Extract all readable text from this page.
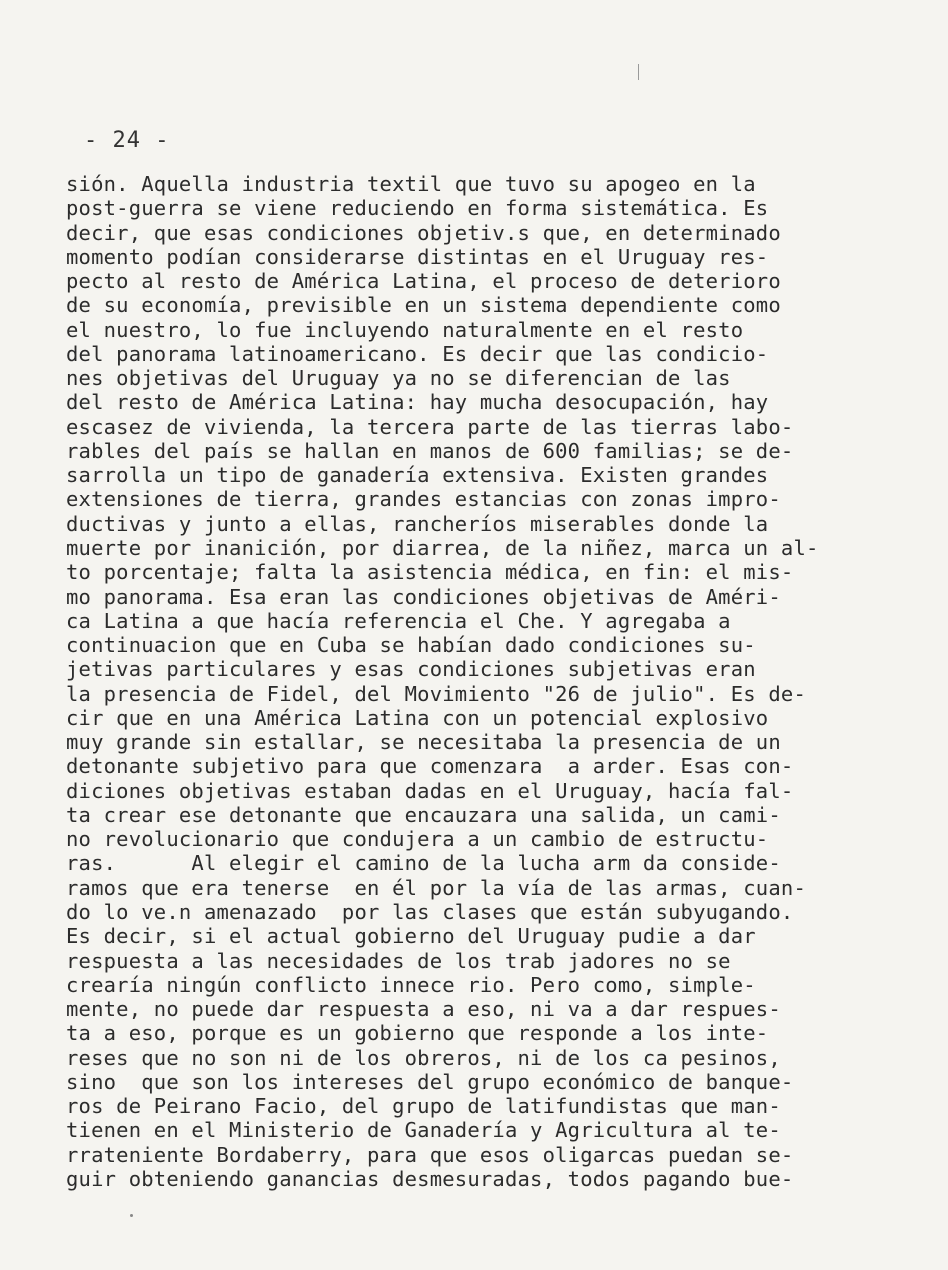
- 24 -
sión. Aquella industria textil que tuvo su apogeo en la
post-guerra se viene reduciendo en forma sistemática. Es
decir, que esas condiciones objetiv.s que, en determinado
momento podían considerarse distintas en el Uruguay res-
pecto al resto de América Latina, el proceso de deterioro
de su economía, previsible en un sistema dependiente como
el nuestro, lo fue incluyendo naturalmente en el resto
del panorama latinoamericano. Es decir que las condicio-
nes objetivas del Uruguay ya no se diferencian de las
del resto de América Latina: hay mucha desocupación, hay
escasez de vivienda, la tercera parte de las tierras labo-
rables del país se hallan en manos de 600 familias; se de-
sarrolla un tipo de ganadería extensiva. Existen grandes
extensiones de tierra, grandes estancias con zonas impro-
ductivas y junto a ellas, rancheríos miserables donde la
muerte por inanición, por diarrea, de la niñez, marca un al-
to porcentaje; falta la asistencia médica, en fin: el mis-
mo panorama. Esa eran las condiciones objetivas de Améri-
ca Latina a que hacía referencia el Che. Y agregaba a
continuacion que en Cuba se habían dado condiciones su-
jetivas particulares y esas condiciones subjetivas eran
la presencia de Fidel, del Movimiento "26 de julio". Es de-
cir que en una América Latina con un potencial explosivo
muy grande sin estallar, se necesitaba la presencia de un
detonante subjetivo para que comenzara  a arder. Esas con-
diciones objetivas estaban dadas en el Uruguay, hacía fal-
ta crear ese detonante que encauzara una salida, un cami-
no revolucionario que condujera a un cambio de estructu-
ras.      Al elegir el camino de la lucha arm da conside-
ramos que era tenerse  en él por la vía de las armas, cuan-
do lo ve.n amenazado  por las clases que están subyugando.
Es decir, si el actual gobierno del Uruguay pudie a dar
respuesta a las necesidades de los trab jadores no se
crearía ningún conflicto innece rio. Pero como, simple-
mente, no puede dar respuesta a eso, ni va a dar respues-
ta a eso, porque es un gobierno que responde a los inte-
reses que no son ni de los obreros, ni de los ca pesinos,
sino  que son los intereses del grupo económico de banque-
ros de Peirano Facio, del grupo de latifundistas que man-
tienen en el Ministerio de Ganadería y Agricultura al te-
rrateniente Bordaberry, para que esos oligarcas puedan se-
guir obteniendo ganancias desmesuradas, todos pagando bue-
